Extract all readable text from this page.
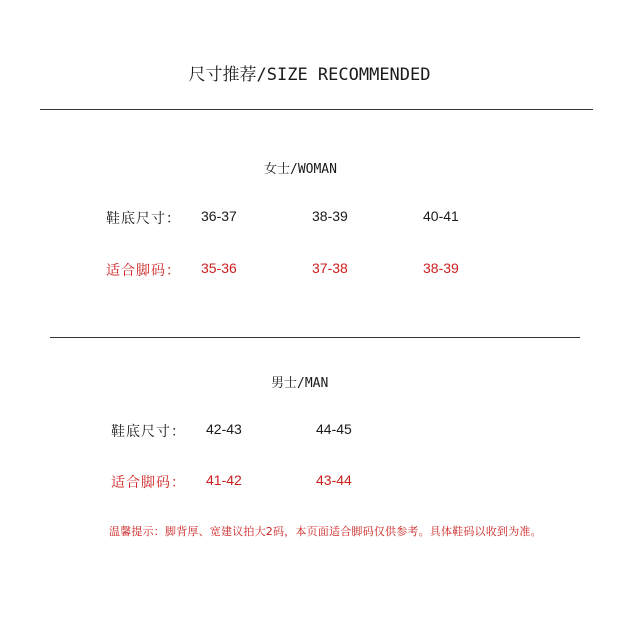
尺寸推荐/SIZE RECOMMENDED
女士/WOMAN
鞋底尺寸： 36-37	38-39	40-41
适合脚码： 35-36	37-38	38-39
男士/MAN
鞋底尺寸： 42-43	44-45
适合脚码： 41-42	43-44
温馨提示：脚背厚、宽建议拍大2码，本页面适合脚码仅供参考。具体鞋码以收到为准。
